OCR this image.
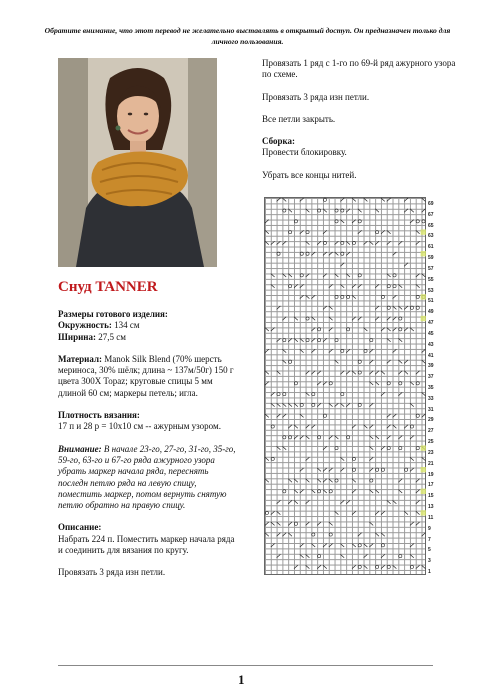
Обратите внимание, что этот перевод не желательно выставлять в открытый доступ. Он предназначен только для личного пользования.
Снуд TANNER

Размеры готового изделия:

Окружность: 134 см

Ширина: 27,5 см

Материал: Manok Silk Blend (70% шерсть мериноса, 30% шёлк; длина ~ 137м/50г) 150 г цвета 300X Topaz; круговые спицы 5 мм длиной 60 см; маркеры петель; игла.

Плотность вязания:

17 п и 28 р = 10х10 см -- ажурным узором.

Внимание: В начале 23-го, 27-го, 31-го, 35-го, 59-го, 63-го и 67-го ряда ажурного узора убрать маркер начала ряда, переснять последн петлю ряда на левую спицу, поместить маркер, потом вернуть снятую петлю обратно на правую спицу.

Описание:

Набрать 224 п. Поместить маркер начала ряда и соединить для вязания по кругу.

Провязать 3 ряда изн петли.

Провязать 1 ряд с 1-го по 69-й ряд ажурного узора по схеме.

Провязать 3 ряда изн петли.

Все петли закрыть.

Сборка:

Провести блокировку.

Убрать все концы нитей.

69
67
65
63
61
59
57
55
53
51
49
47
45
43
41
39
37
35
33
31
29
27
25
23
21
19
17
15
13
11
9
7
5
3
1
1
